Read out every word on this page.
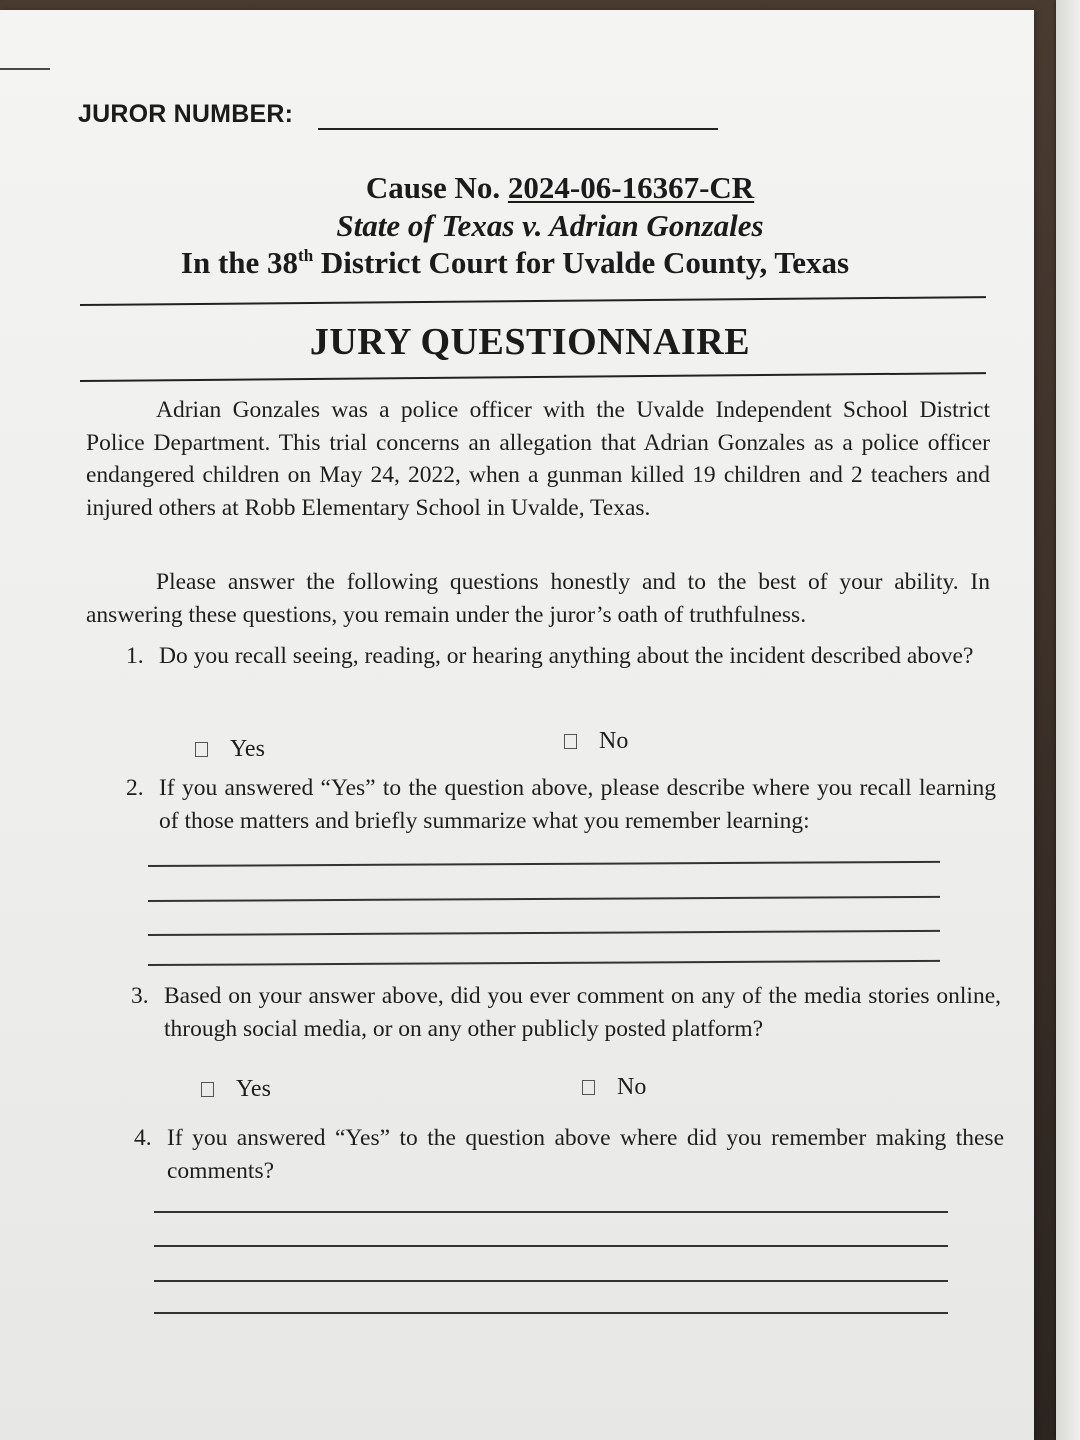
JUROR NUMBER:
Cause No. 2024-06-16367-CR
State of Texas v. Adrian Gonzales
In the 38th District Court for Uvalde County, Texas
JURY QUESTIONNAIRE
Adrian Gonzales was a police officer with the Uvalde Independent School District Police Department. This trial concerns an allegation that Adrian Gonzales as a police officer endangered children on May 24, 2022, when a gunman killed 19 children and 2 teachers and injured others at Robb Elementary School in Uvalde, Texas.
Please answer the following questions honestly and to the best of your ability. In answering these questions, you remain under the juror’s oath of truthfulness.
1. Do you recall seeing, reading, or hearing anything about the incident described above?
Yes	No
2. If you answered “Yes” to the question above, please describe where you recall learning of those matters and briefly summarize what you remember learning:
3. Based on your answer above, did you ever comment on any of the media stories online, through social media, or on any other publicly posted platform?
Yes	No
4. If you answered “Yes” to the question above where did you remember making these comments?
